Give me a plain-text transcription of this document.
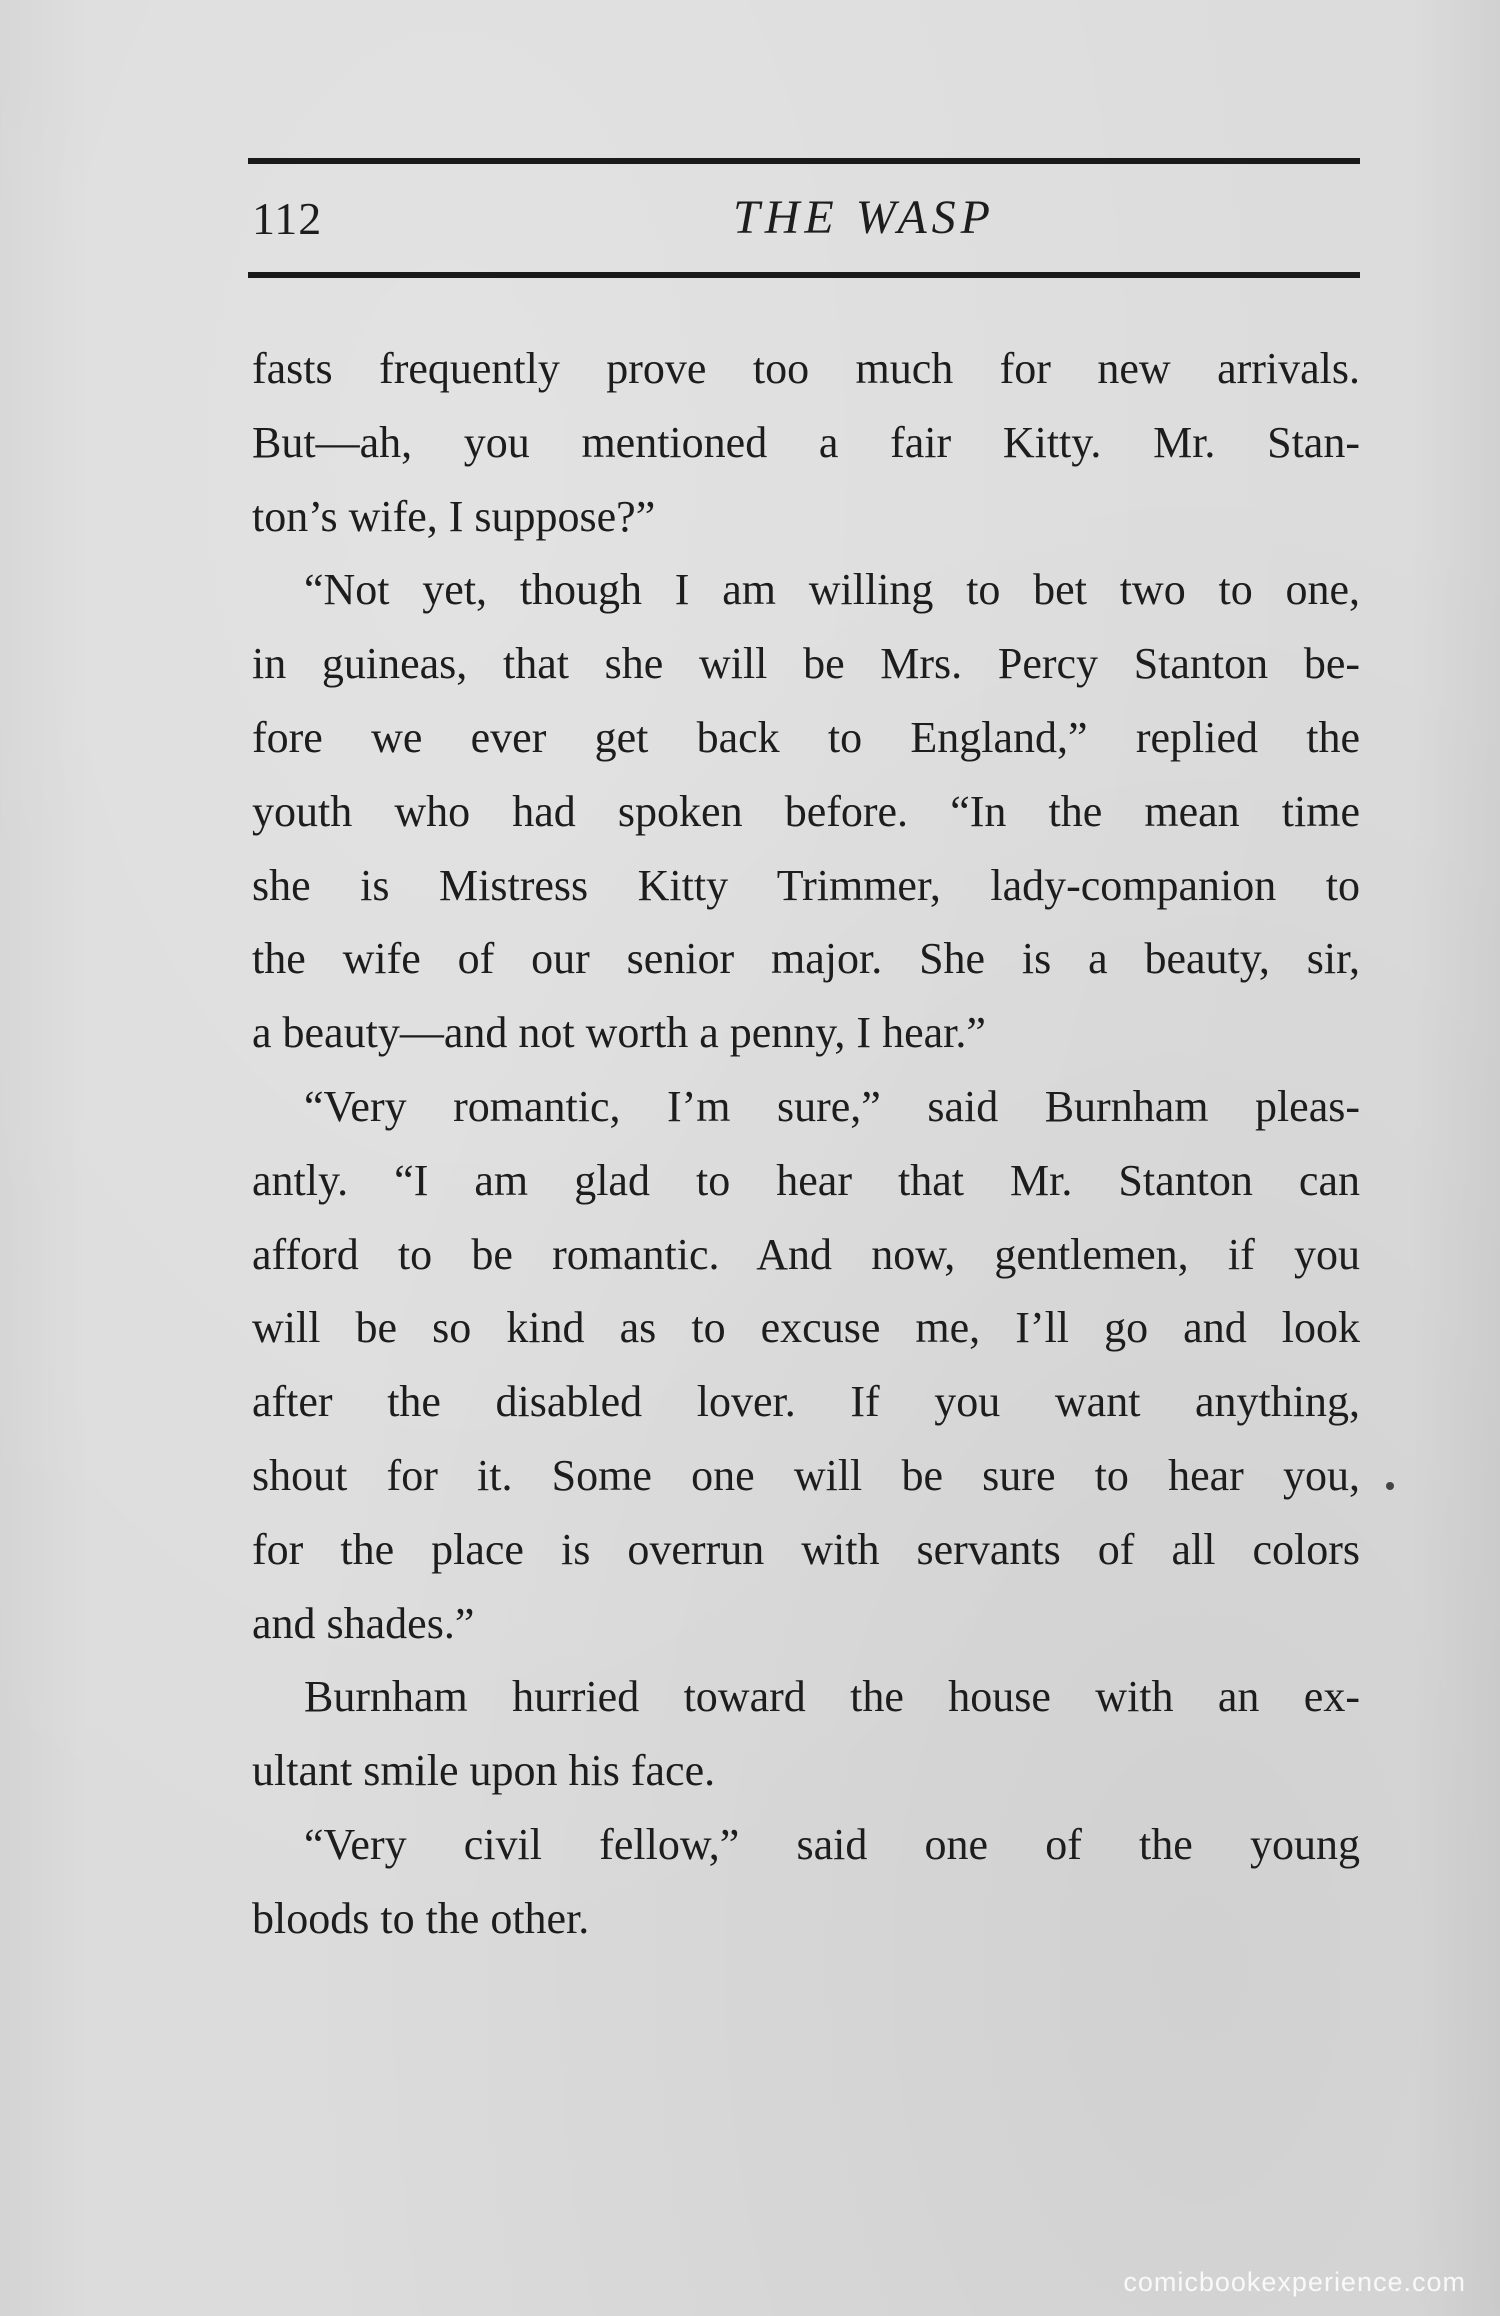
112	THE WASP
fasts frequently prove too much for new arrivals.
But—ah, you mentioned a fair Kitty. Mr. Stan-
ton’s wife, I suppose?”
“Not yet, though I am willing to bet two to one,
in guineas, that she will be Mrs. Percy Stanton be-
fore we ever get back to England,” replied the
youth who had spoken before. “In the mean time
she is Mistress Kitty Trimmer, lady-companion to
the wife of our senior major. She is a beauty, sir,
a beauty—and not worth a penny, I hear.”
“Very romantic, I’m sure,” said Burnham pleas-
antly. “I am glad to hear that Mr. Stanton can
afford to be romantic. And now, gentlemen, if you
will be so kind as to excuse me, I’ll go and look
after the disabled lover. If you want anything,
shout for it. Some one will be sure to hear you,
for the place is overrun with servants of all colors
and shades.”
Burnham hurried toward the house with an ex-
ultant smile upon his face.
“Very civil fellow,” said one of the young
bloods to the other.
comicbookexperience.com
